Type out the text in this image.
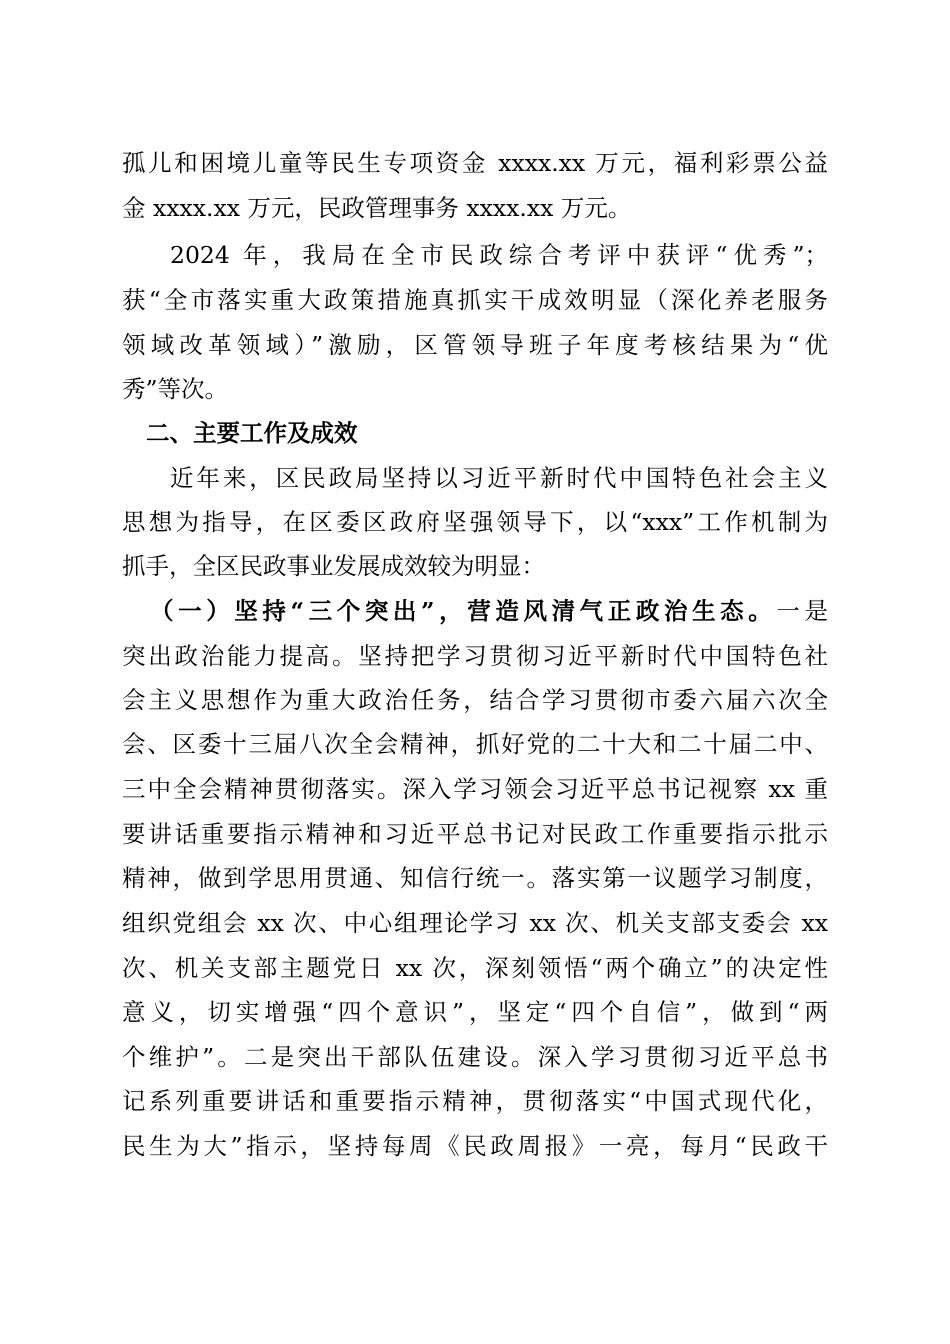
孤儿和困境儿童等民生专项资金 xxxx.xx 万元，福利彩票公益
金 xxxx.xx 万元，民政管理事务 xxxx.xx 万元。
2024 年，我局在全市民政综合考评中获评“优秀”；
获“全市落实重大政策措施真抓实干成效明显（深化养老服务
领域改革领域）”激励，区管领导班子年度考核结果为“优
秀”等次。
二、主要工作及成效
近年来，区民政局坚持以习近平新时代中国特色社会主义
思想为指导，在区委区政府坚强领导下，以“xxx”工作机制为
抓手，全区民政事业发展成效较为明显：
（一）坚持“三个突出”，营造风清气正政治生态。一是
突出政治能力提高。坚持把学习贯彻习近平新时代中国特色社
会主义思想作为重大政治任务，结合学习贯彻市委六届六次全
会、区委十三届八次全会精神，抓好党的二十大和二十届二中、
三中全会精神贯彻落实。深入学习领会习近平总书记视察 xx 重
要讲话重要指示精神和习近平总书记对民政工作重要指示批示
精神，做到学思用贯通、知信行统一。落实第一议题学习制度，
组织党组会 xx 次、中心组理论学习 xx 次、机关支部支委会 xx
次、机关支部主题党日 xx 次，深刻领悟“两个确立”的决定性
意义，切实增强“四个意识”，坚定“四个自信”，做到“两
个维护”。二是突出干部队伍建设。深入学习贯彻习近平总书
记系列重要讲话和重要指示精神，贯彻落实“中国式现代化，
民生为大”指示，坚持每周《民政周报》一亮，每月“民政干
